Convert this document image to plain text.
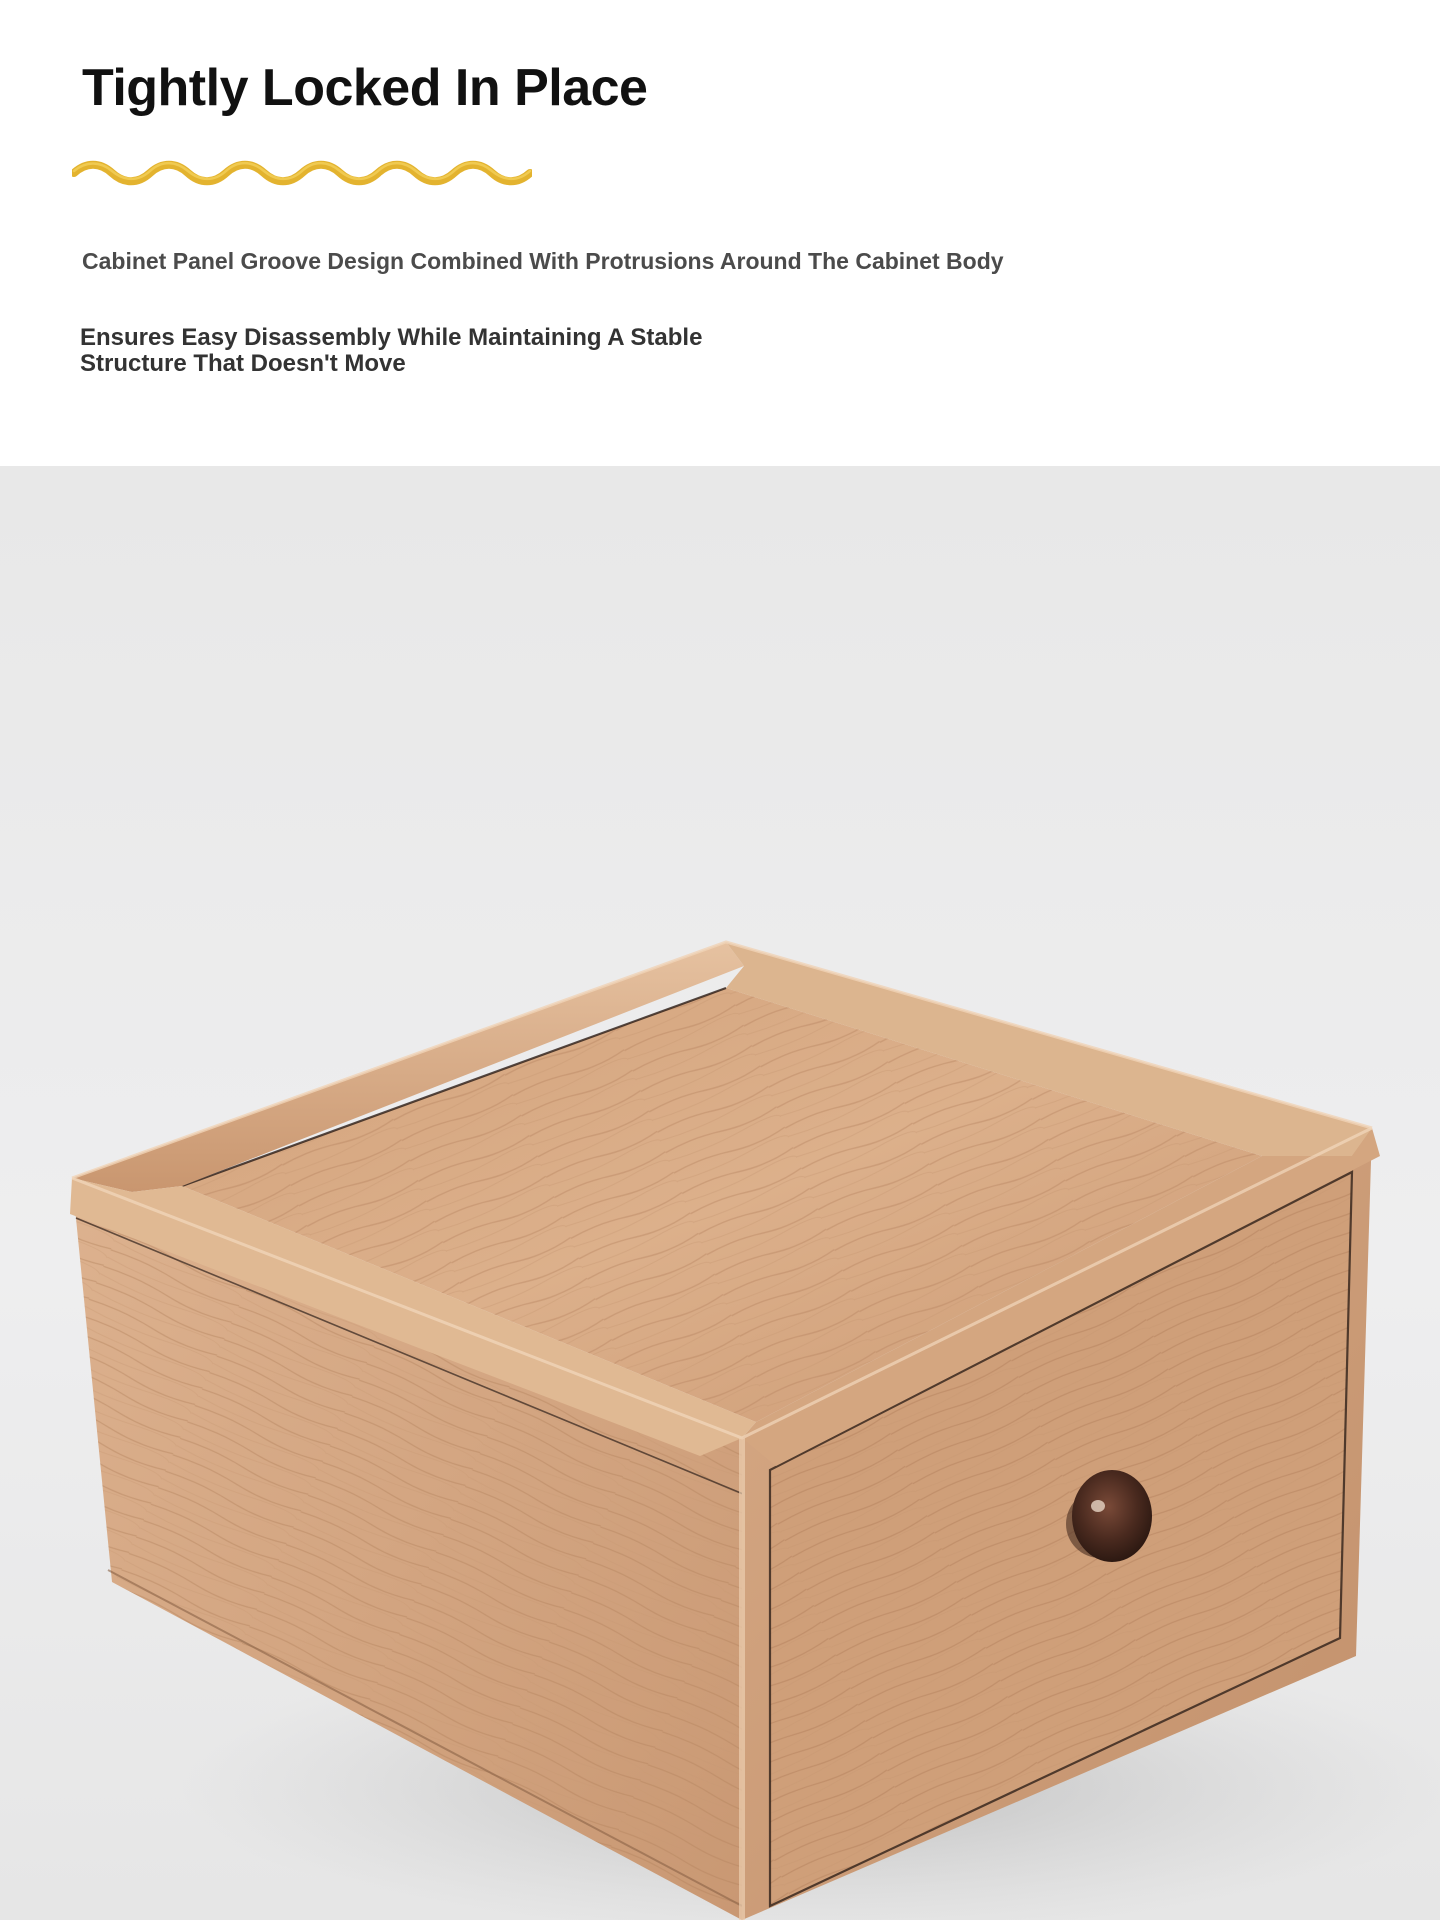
Tightly Locked In Place

Cabinet Panel Groove Design Combined With Protrusions Around The Cabinet Body

Ensures Easy Disassembly While Maintaining A Stable
Structure That Doesn't Move
